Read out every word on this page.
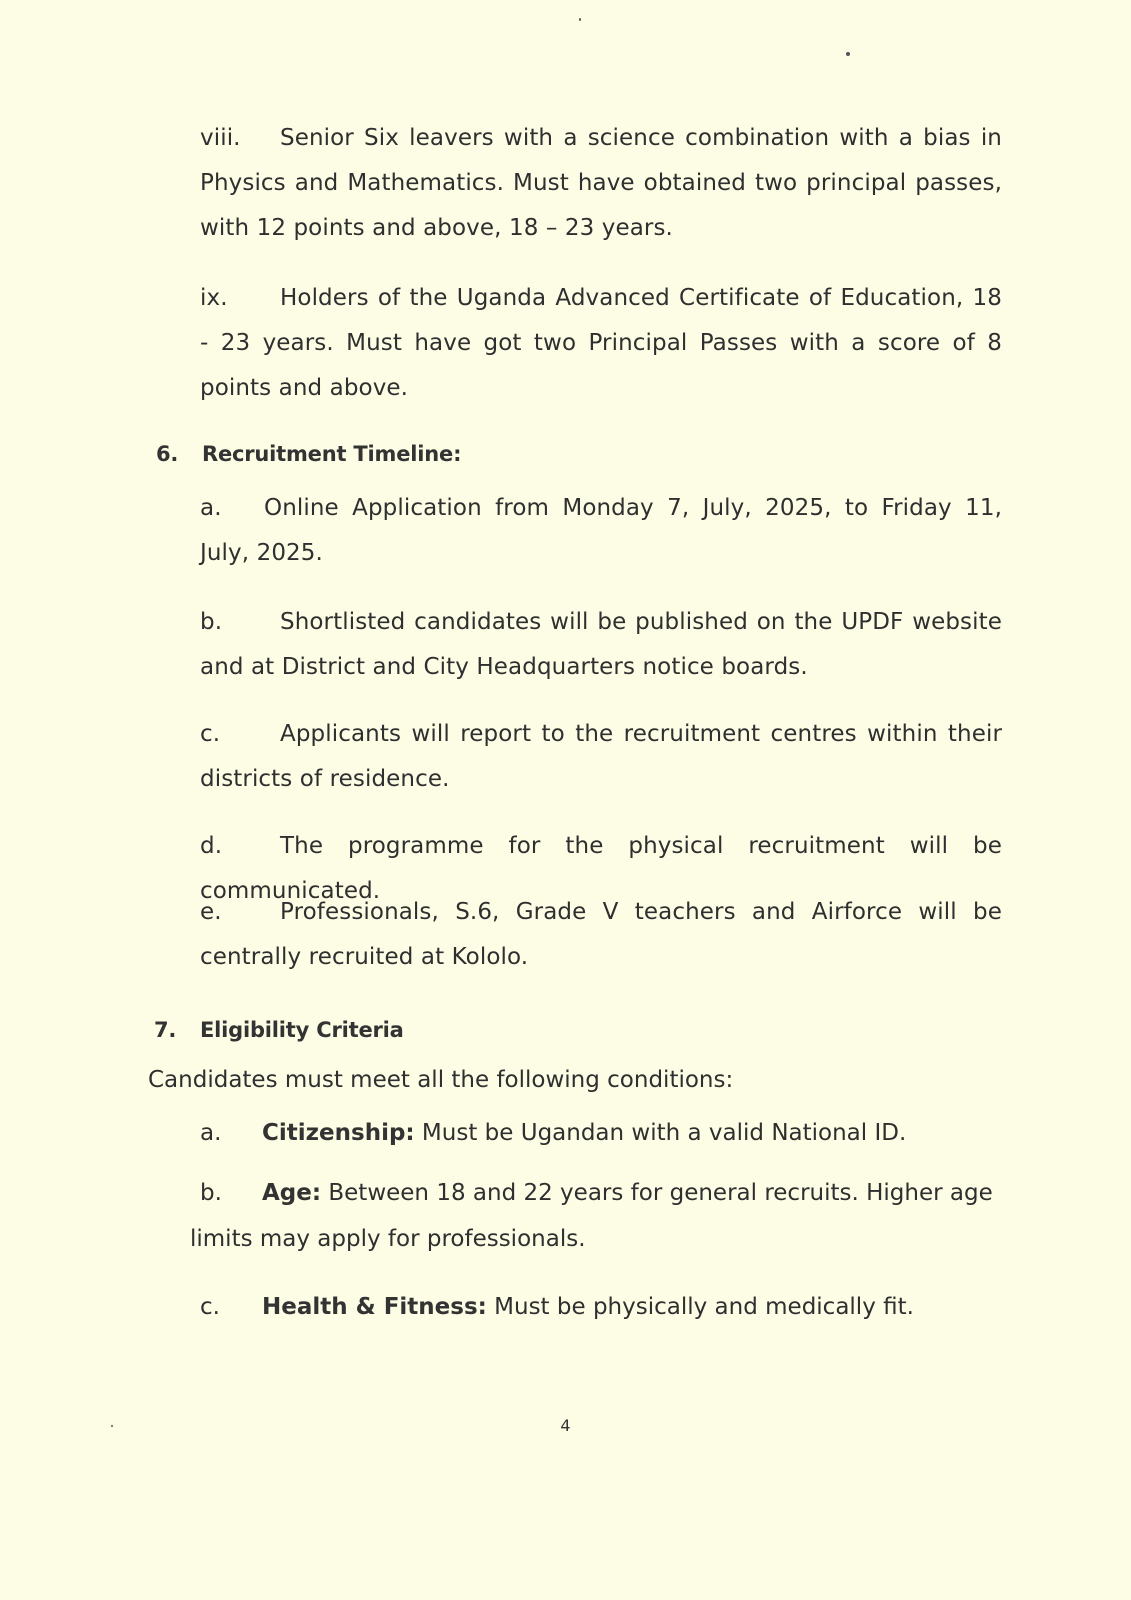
viii. Senior Six leavers with a science combination with a bias in Physics and Mathematics. Must have obtained two principal passes, with 12 points and above, 18 – 23 years.
ix. Holders of the Uganda Advanced Certificate of Education, 18 - 23 years. Must have got two Principal Passes with a score of 8 points and above.
6. Recruitment Timeline:
a. Online Application from Monday 7, July, 2025, to Friday 11, July, 2025.
b.	Shortlisted candidates will be published on the UPDF website and at District and City Headquarters notice boards.
c.	Applicants will report to the recruitment centres within their districts of residence.
d.	The programme for the physical recruitment will be communicated.
e.	Professionals, S.6, Grade V teachers and Airforce will be centrally recruited at Kololo.
7. Eligibility Criteria
Candidates must meet all the following conditions:
a. Citizenship: Must be Ugandan with a valid National ID.
b. Age: Between 18 and 22 years for general recruits. Higher age limits may apply for professionals.
c. Health & Fitness: Must be physically and medically fit.
4
